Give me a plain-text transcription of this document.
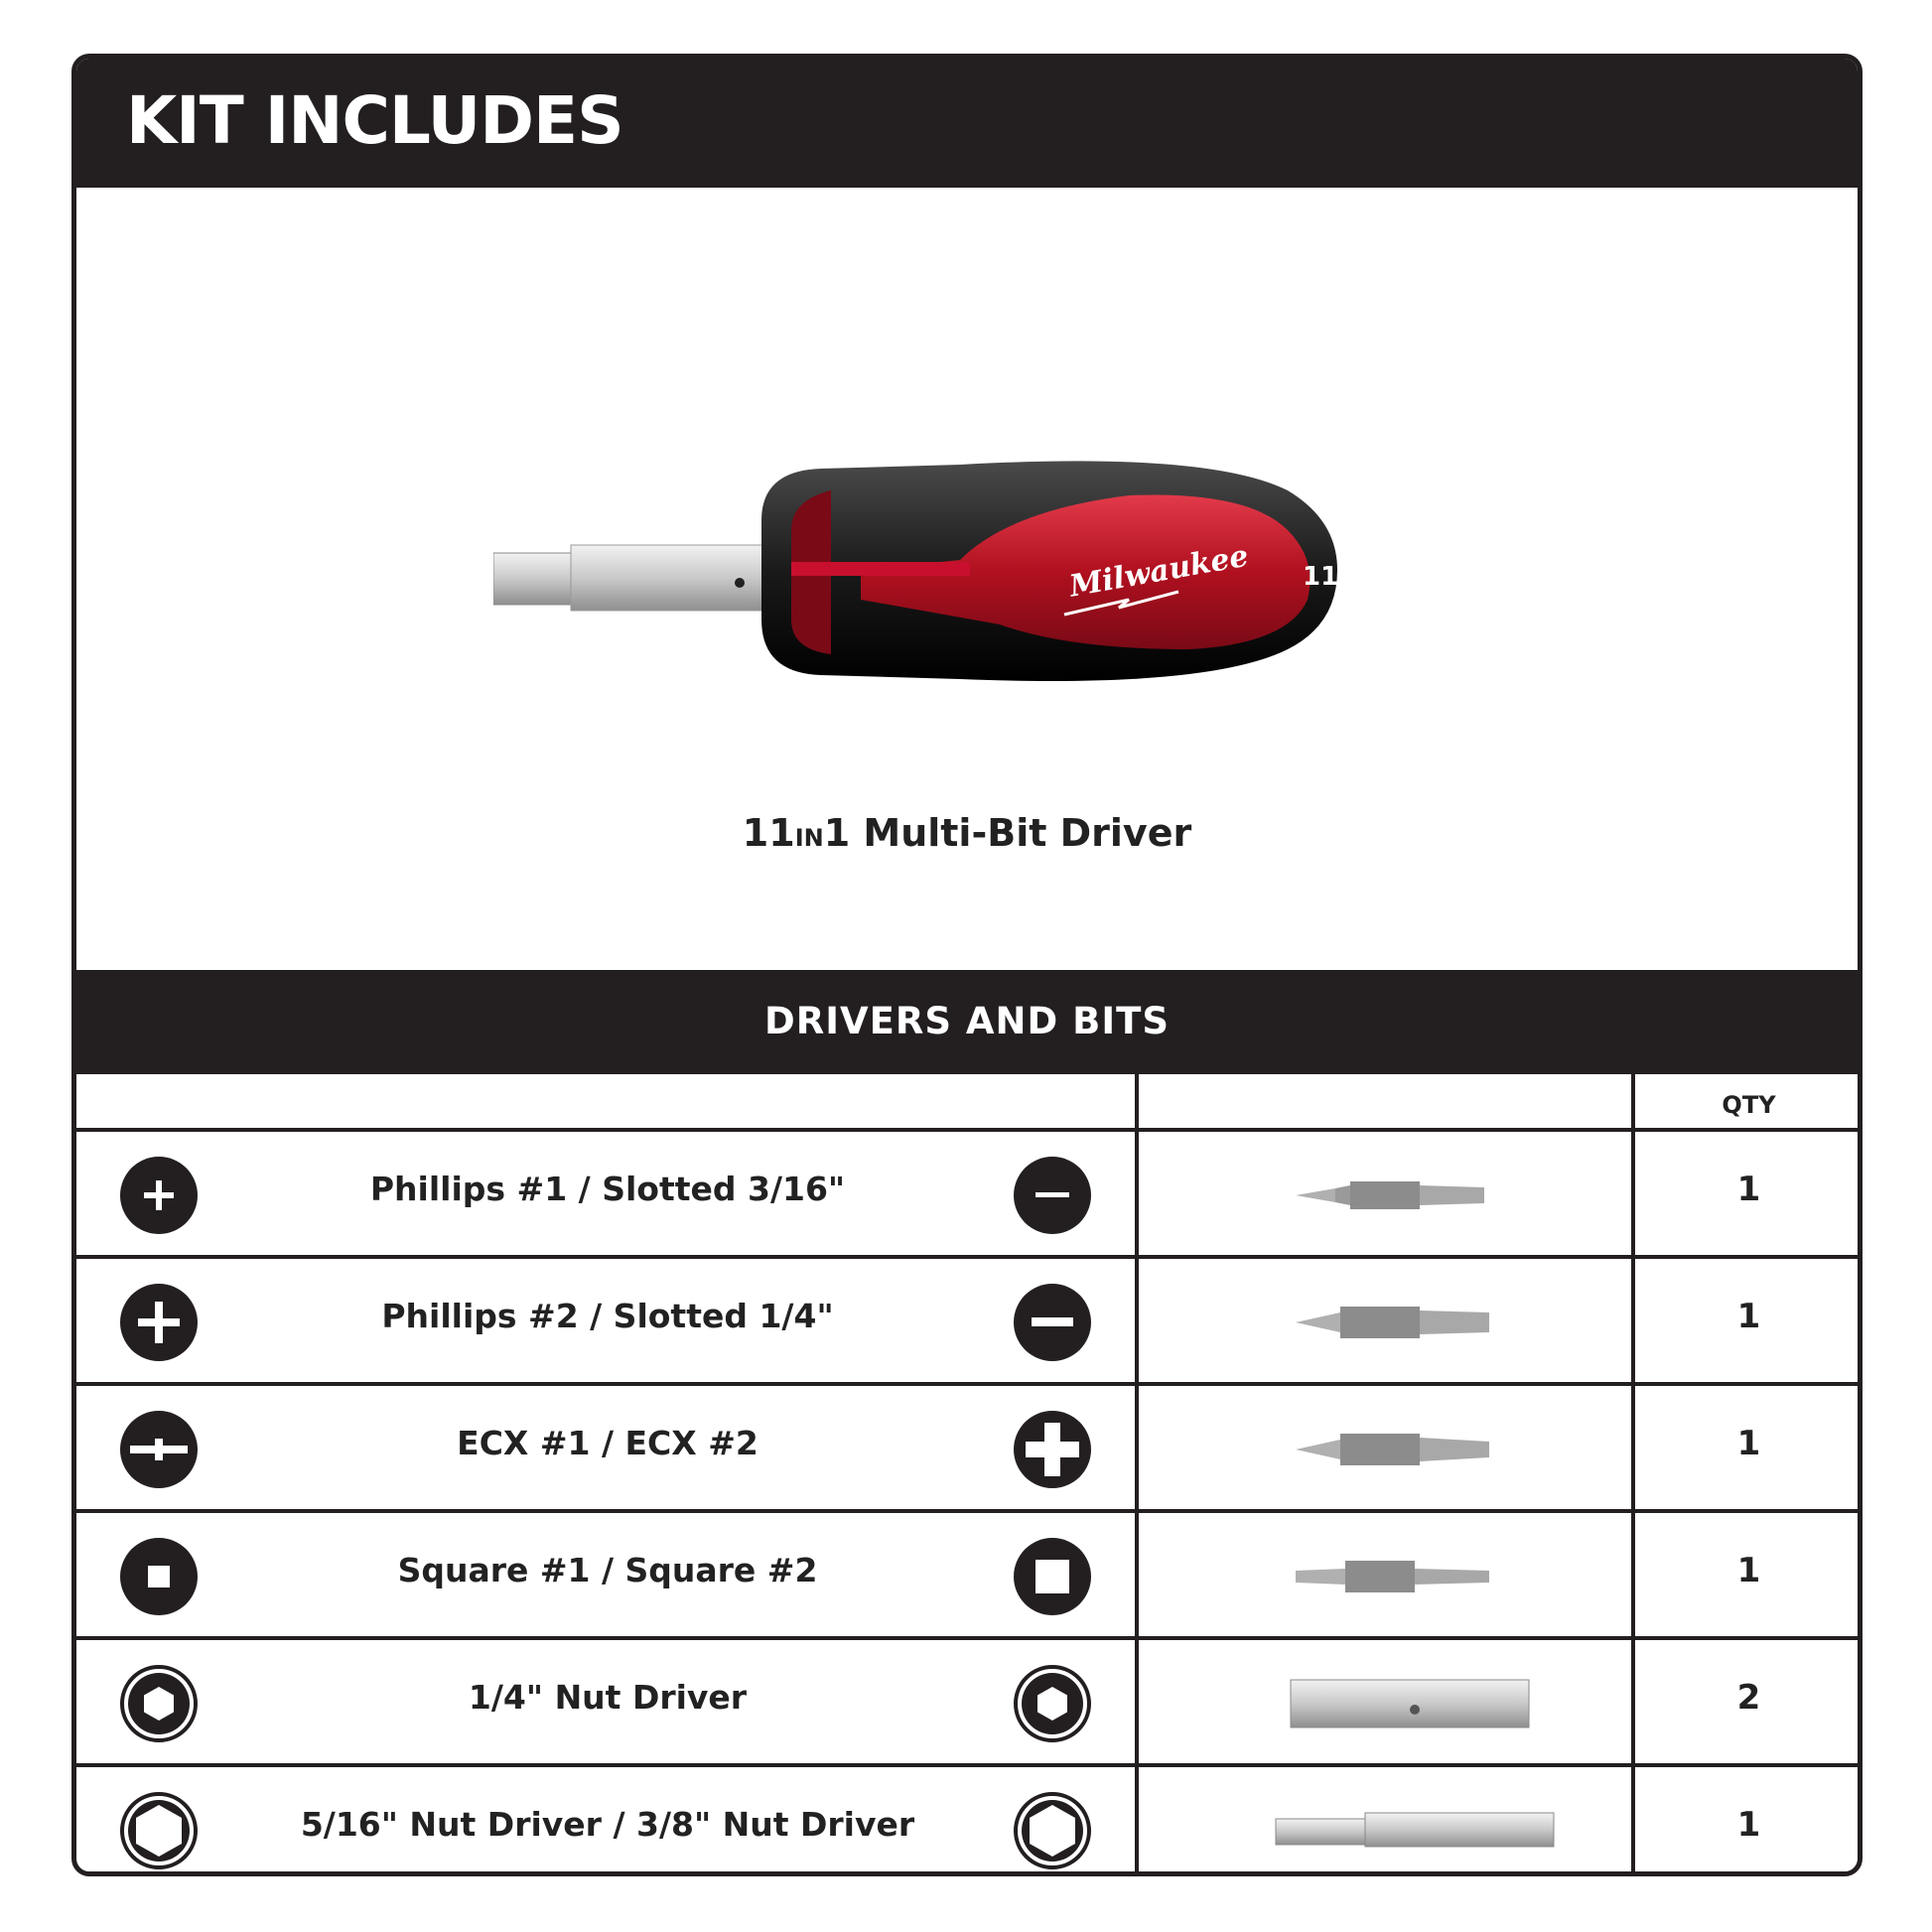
KIT INCLUDES
Milwaukee 11
11IN1 Multi-Bit Driver
DRIVERS AND BITS
QTY
Phillips #1 / Slotted 3/16"	1
Phillips #2 / Slotted 1/4"	1
ECX #1 / ECX #2	1
Square #1 / Square #2	1
1/4" Nut Driver	2
5/16" Nut Driver / 3/8" Nut Driver	1
